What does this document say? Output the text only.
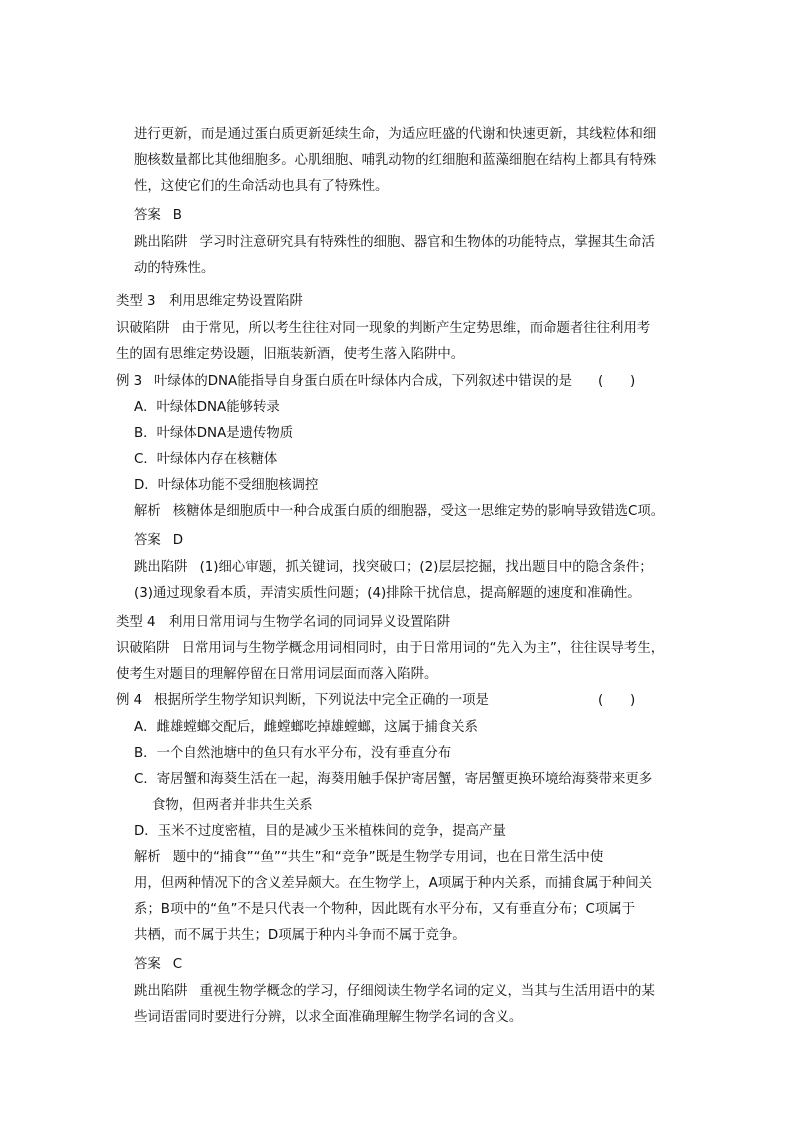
进行更新，而是通过蛋白质更新延续生命，为适应旺盛的代谢和快速更新，其线粒体和细
胞核数量都比其他细胞多。心肌细胞、哺乳动物的红细胞和蓝藻细胞在结构上都具有特殊
性，这使它们的生命活动也具有了特殊性。
答案 B
跳出陷阱 学习时注意研究具有特殊性的细胞、器官和生物体的功能特点，掌握其生命活
动的特殊性。
类型 3　利用思维定势设置陷阱
识破陷阱 由于常见，所以考生往往对同一现象的判断产生定势思维，而命题者往往利用考
生的固有思维定势设题，旧瓶装新酒，使考生落入陷阱中。
例 3 叶绿体的DNA能指导自身蛋白质在叶绿体内合成，下列叙述中错误的是 (　　)
A．叶绿体DNA能够转录
B．叶绿体DNA是遗传物质
C．叶绿体内存在核糖体
D．叶绿体功能不受细胞核调控
解析 核糖体是细胞质中一种合成蛋白质的细胞器，受这一思维定势的影响导致错选C项。
答案 D
跳出陷阱 (1)细心审题，抓关键词，找突破口；(2)层层挖掘，找出题目中的隐含条件；
(3)通过现象看本质，弄清实质性问题；(4)排除干扰信息，提高解题的速度和准确性。
类型 4　利用日常用词与生物学名词的同词异义设置陷阱
识破陷阱 日常用词与生物学概念用词相同时，由于日常用词的“先入为主”，往往误导考生，
使考生对题目的理解停留在日常用词层面而落入陷阱。
例 4 根据所学生物学知识判断，下列说法中完全正确的一项是	(　　)
A．雌雄螳螂交配后，雌螳螂吃掉雄螳螂，这属于捕食关系
B．一个自然池塘中的鱼只有水平分布，没有垂直分布
C．寄居蟹和海葵生活在一起，海葵用触手保护寄居蟹，寄居蟹更换环境给海葵带来更多
食物，但两者并非共生关系
D．玉米不过度密植，目的是减少玉米植株间的竞争，提高产量
解析 题中的“捕食”“鱼”“共生”和“竞争”既是生物学专用词，也在日常生活中使
用，但两种情况下的含义差异颇大。在生物学上，A项属于种内关系，而捕食属于种间关
系；B项中的“鱼”不是只代表一个物种，因此既有水平分布，又有垂直分布；C项属于
共栖，而不属于共生；D项属于种内斗争而不属于竞争。
答案 C
跳出陷阱 重视生物学概念的学习，仔细阅读生物学名词的定义，当其与生活用语中的某
些词语雷同时要进行分辨，以求全面准确理解生物学名词的含义。
